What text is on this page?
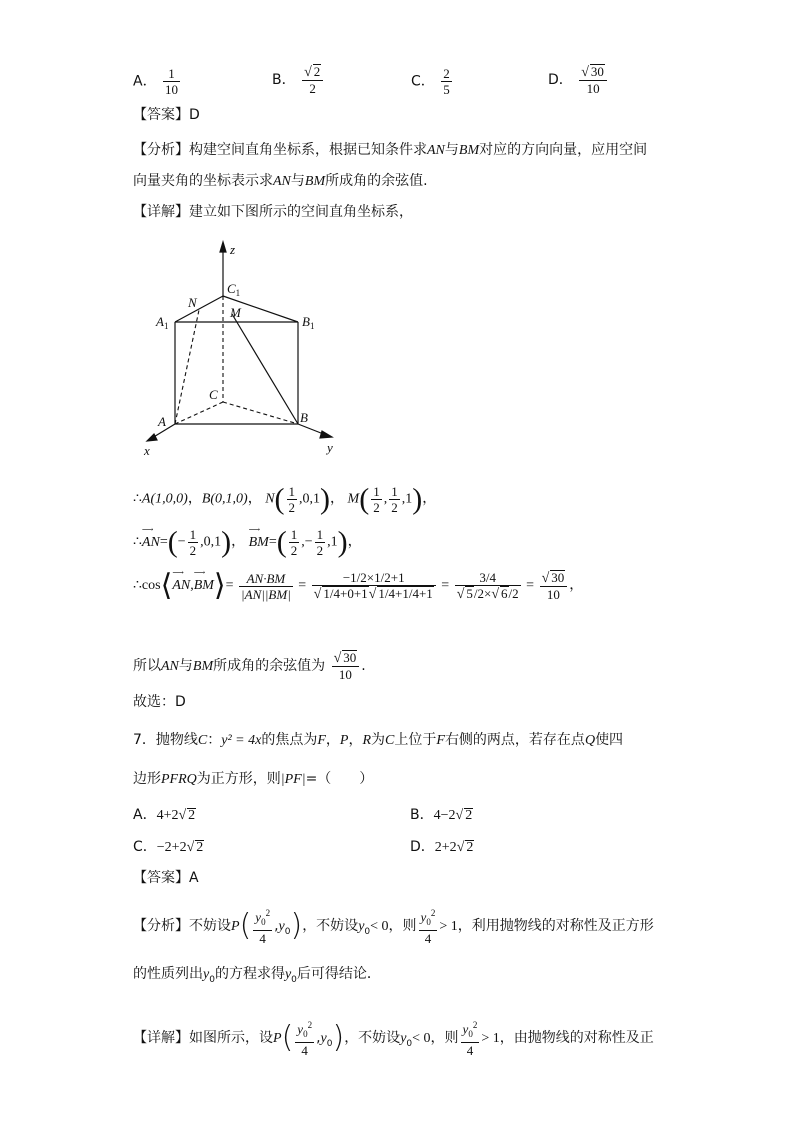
A． $\frac{1}{10}$	B． $\frac{√ 2}{2}$	C． $\frac{2}{5}$	D． $\frac{√ 30}{10}$
【答案】D
【分析】构建空间直角坐标系，根据已知条件求AN与BM对应的方向向量，应用空间
向量夹角的坐标表示求AN与BM所成角的余弦值.
【详解】建立如下图所示的空间直角坐标系，
z
$C_1$
N
M
$A_1$	$B_1$
C
A	B
x	y
∴A(1,0,0)，B(0,1,0)， $N( \frac{1}{2} ,0,1)$， $M( \frac{1}{2}$ , $\frac{1}{2} ,1$)，
∴
⟶
$AN=(- \frac{1}{2} ,0,1)$，
⟶
$BM=( \frac{1}{2}$ ,− $\frac{1}{2} ,1$)，
∴cos⟨ ⟶
AN,
⟶
BM⟩= $\frac{AN\cdot BM}{|AN||BM|} = \frac{-1/2\times 1/2+1}{√ 1/4+0+1√ 1/4+1/4+1} = \frac{3/4}{√ 5/2\times√ 6/2} = \frac{√ 30}{10}$ ，
所以AN与BM所成角的余弦值为 $\frac{√ 30}{10}$ .
故选：D
7．抛物线C：y² = 4x的焦点为F，P，R为C上位于F右侧的两点，若存在点Q使四
边形PFRQ为正方形，则|PF|=（　　）
A．4+2√ 2	B．4−2√ 2
C．−2+2√ 2	D．2+2√ 2
【答案】A
【分析】不妨设$P( \frac{y_0^2}{4} ,y_0)$，不妨设$y_0< 0$，则 $\frac{y_0^2}{4} > 1$，利用抛物线的对称性及正方形
的性质列出$y_0$的方程求得$y_0$后可得结论．
【详解】如图所示，设$P( \frac{y_0^2}{4} ,y_0)$，不妨设$y_0< 0$，则 $\frac{y_0^2}{4} > 1$，由抛物线的对称性及正
